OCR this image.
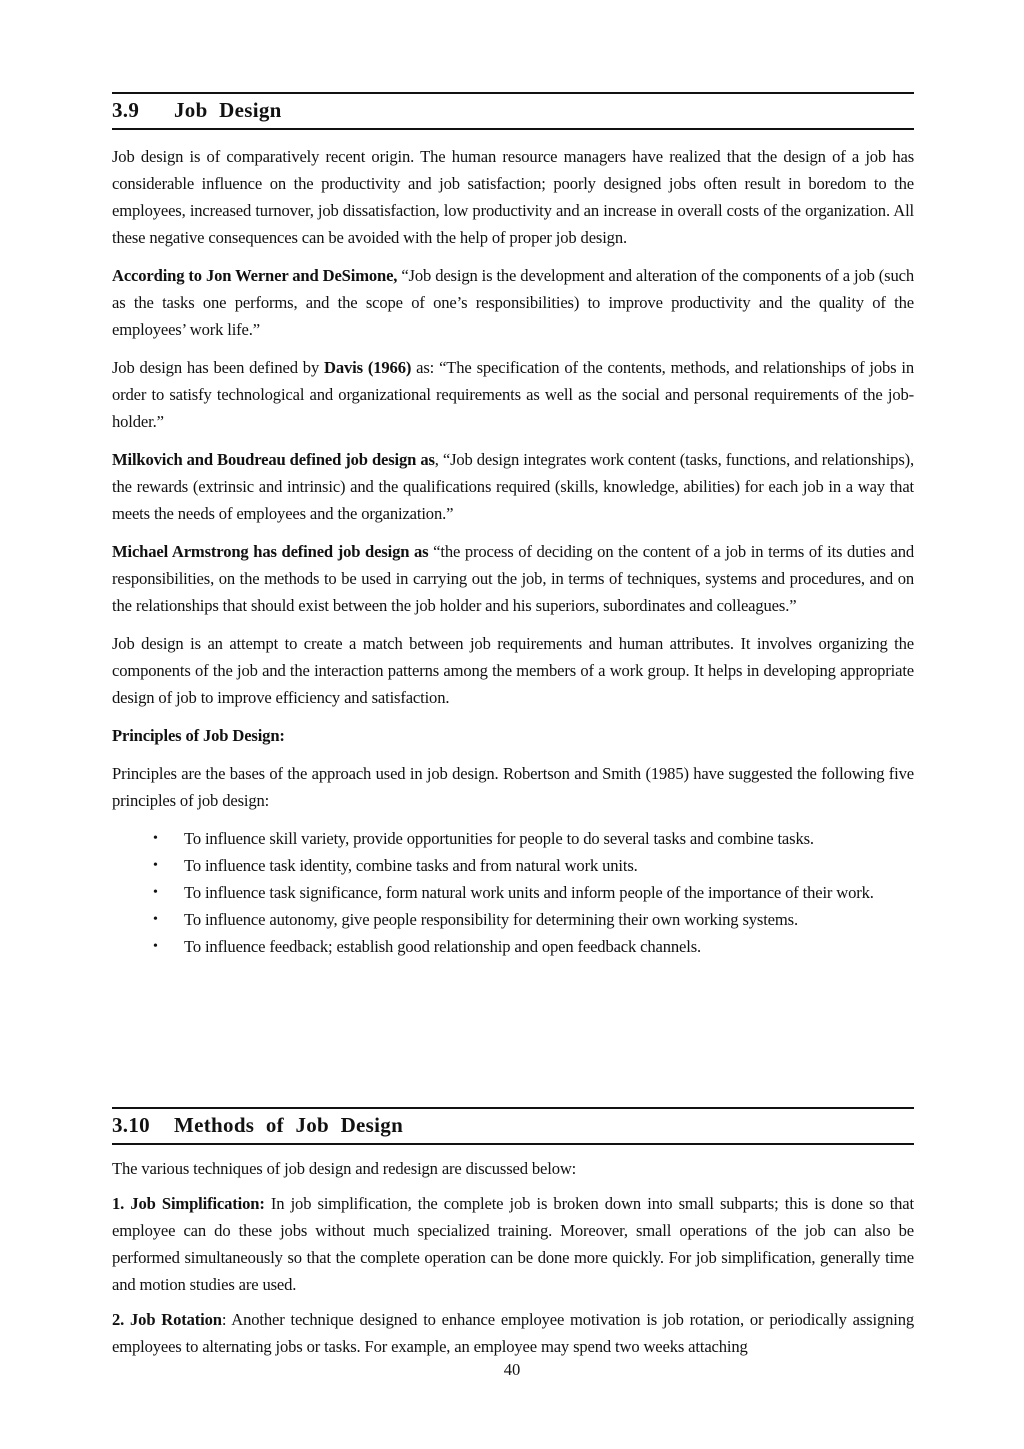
3.9 Job Design

Job design is of comparatively recent origin. The human resource managers have realized that the design of a job has considerable influence on the productivity and job satisfaction; poorly designed jobs often result in boredom to the employees, increased turnover, job dissatisfaction, low productivity and an increase in overall costs of the organization. All these negative consequences can be avoided with the help of proper job design.

According to Jon Werner and DeSimone, “Job design is the development and alteration of the components of a job (such as the tasks one performs, and the scope of one’s responsibilities) to improve productivity and the quality of the employees’ work life.”

Job design has been defined by Davis (1966) as: “The specification of the contents, methods, and relationships of jobs in order to satisfy technological and organizational requirements as well as the social and personal requirements of the job-holder.”

Milkovich and Boudreau defined job design as, “Job design integrates work content (tasks, functions, and relationships), the rewards (extrinsic and intrinsic) and the qualifications required (skills, knowledge, abilities) for each job in a way that meets the needs of employees and the organization.”

Michael Armstrong has defined job design as “the process of deciding on the content of a job in terms of its duties and responsibilities, on the methods to be used in carrying out the job, in terms of techniques, systems and procedures, and on the relationships that should exist between the job holder and his superiors, subordinates and colleagues.”

Job design is an attempt to create a match between job requirements and human attributes. It involves organizing the components of the job and the interaction patterns among the members of a work group. It helps in developing appropriate design of job to improve efficiency and satisfaction.

Principles of Job Design:

Principles are the bases of the approach used in job design. Robertson and Smith (1985) have suggested the following five principles of job design:

• To influence skill variety, provide opportunities for people to do several tasks and combine tasks.
• To influence task identity, combine tasks and from natural work units.
• To influence task significance, form natural work units and inform people of the importance of their work.
• To influence autonomy, give people responsibility for determining their own working systems.
• To influence feedback; establish good relationship and open feedback channels.
3.10 Methods of Job Design

The various techniques of job design and redesign are discussed below:

1. Job Simplification: In job simplification, the complete job is broken down into small subparts; this is done so that employee can do these jobs without much specialized training. Moreover, small operations of the job can also be performed simultaneously so that the complete operation can be done more quickly. For job simplification, generally time and motion studies are used.

2. Job Rotation: Another technique designed to enhance employee motivation is job rotation, or periodically assigning employees to alternating jobs or tasks. For example, an employee may spend two weeks attaching

40
